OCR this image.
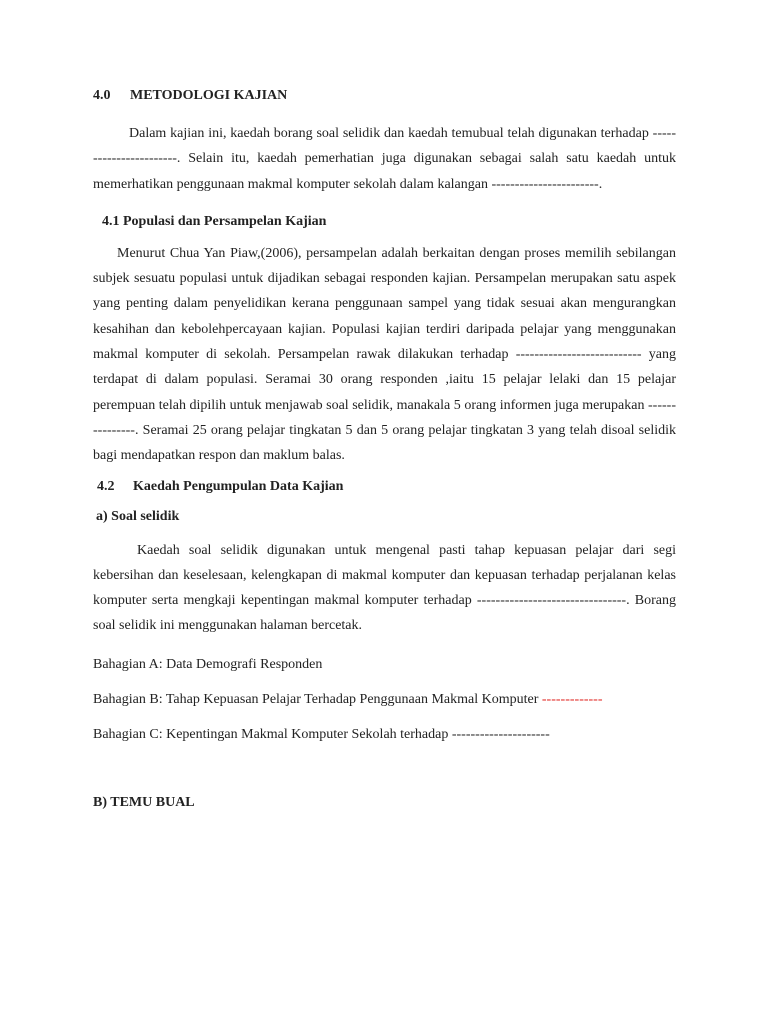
4.0 METODOLOGI KAJIAN

Dalam kajian ini, kaedah borang soal selidik dan kaedah temubual telah digunakan terhadap -----------------------. Selain itu, kaedah pemerhatian juga digunakan sebagai salah satu kaedah untuk memerhatikan penggunaan makmal komputer sekolah dalam kalangan -----------------------.

4.1 Populasi dan Persampelan Kajian

Menurut Chua Yan Piaw,(2006), persampelan adalah berkaitan dengan proses memilih sebilangan subjek sesuatu populasi untuk dijadikan sebagai responden kajian. Persampelan merupakan satu aspek yang penting dalam penyelidikan kerana penggunaan sampel yang tidak sesuai akan mengurangkan kesahihan dan kebolehpercayaan kajian. Populasi kajian terdiri daripada pelajar yang menggunakan makmal komputer di sekolah. Persampelan rawak dilakukan terhadap --------------------------- yang terdapat di dalam populasi. Seramai 30 orang responden ,iaitu 15 pelajar lelaki dan 15 pelajar perempuan telah dipilih untuk menjawab soal selidik, manakala 5 orang informen juga merupakan ---------------. Seramai 25 orang pelajar tingkatan 5 dan 5 orang pelajar tingkatan 3 yang telah disoal selidik bagi mendapatkan respon dan maklum balas.

4.2 Kaedah Pengumpulan Data Kajian

a) Soal selidik

Kaedah soal selidik digunakan untuk mengenal pasti tahap kepuasan pelajar dari segi kebersihan dan keselesaan, kelengkapan di makmal komputer dan kepuasan terhadap perjalanan kelas komputer serta mengkaji kepentingan makmal komputer terhadap --------------------------------. Borang soal selidik ini menggunakan halaman bercetak.

Bahagian A: Data Demografi Responden

Bahagian B: Tahap Kepuasan Pelajar Terhadap Penggunaan Makmal Komputer -------------

Bahagian C: Kepentingan Makmal Komputer Sekolah terhadap ---------------------

B) TEMU BUAL
